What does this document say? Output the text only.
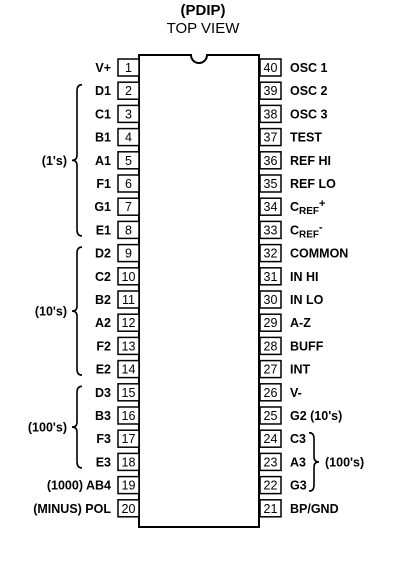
(PDIP)
TOP VIEW
1
V+
2
D1
3
C1
4
B1
5
A1
6
F1
7
G1
8
E1
9
D2
10
C2
11
B2
12
A2
13
F2
14
E2
15
D3
16
B3
17
F3
18
E3
19
(1000) AB4
20
(MINUS) POL
40 OSC 1
39 OSC 2
38 OSC 3
37 TEST
36 REF HI
35 REF LO
34 $C_{REF}+$
33 $C_{REF}-$
32 COMMON
31 IN HI
30 IN LO
29 A-Z
28 BUFF
27 INT
26 V-
25 G2 (10's)
24 C3
23 A3
22 G3
21 BP/GND
(1's)
(10's)
(100's)
(100's)
